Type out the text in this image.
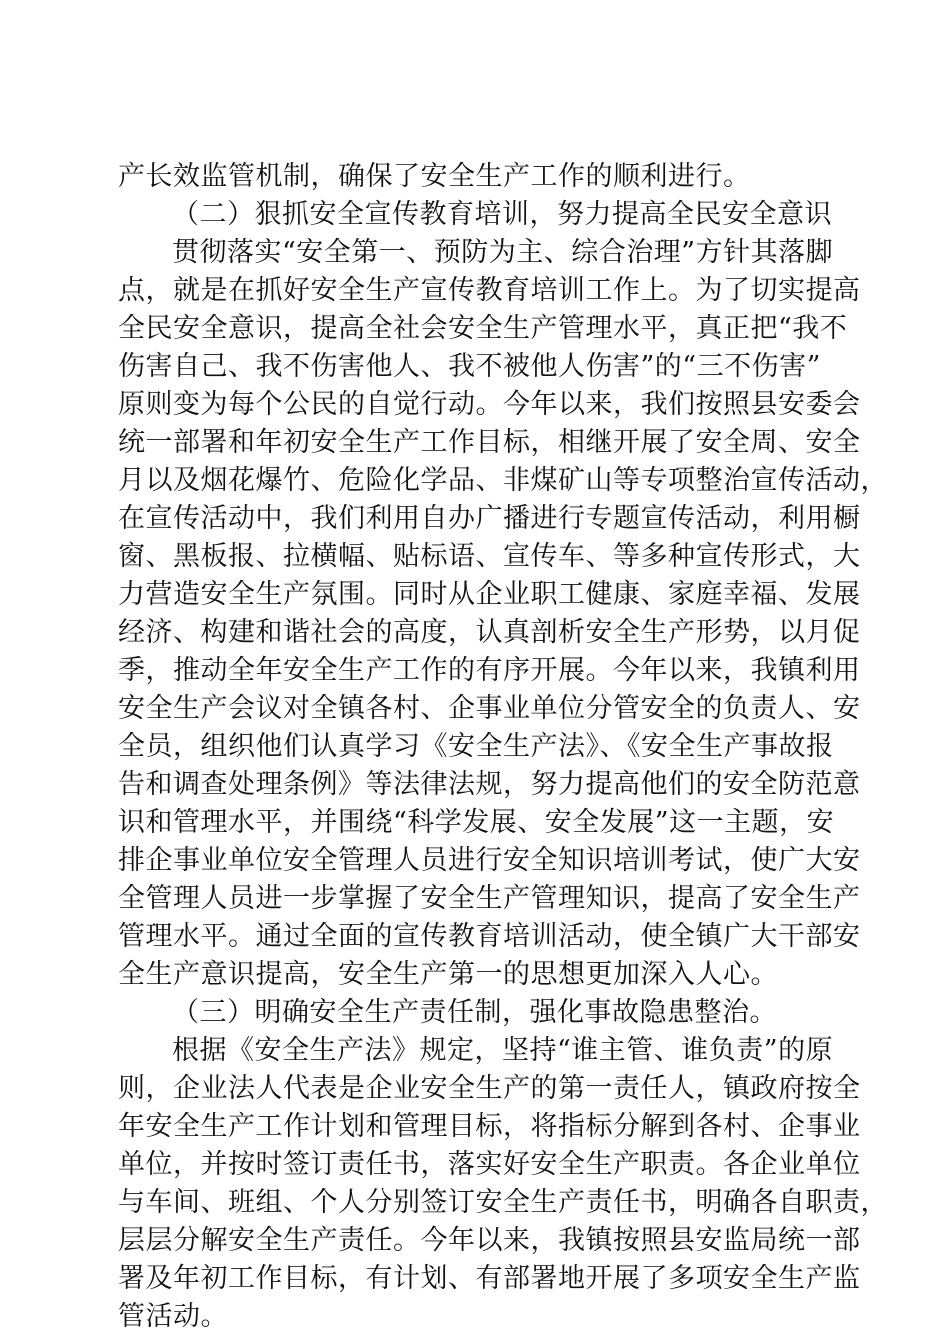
产长效监管机制，确保了安全生产工作的顺利进行。
（二）狠抓安全宣传教育培训，努力提高全民安全意识
贯彻落实“安全第一、预防为主、综合治理”方针其落脚
点，就是在抓好安全生产宣传教育培训工作上。为了切实提高
全民安全意识，提高全社会安全生产管理水平，真正把“我不
伤害自己、我不伤害他人、我不被他人伤害”的“三不伤害”
原则变为每个公民的自觉行动。今年以来，我们按照县安委会
统一部署和年初安全生产工作目标，相继开展了安全周、安全
月以及烟花爆竹、危险化学品、非煤矿山等专项整治宣传活动，
在宣传活动中，我们利用自办广播进行专题宣传活动，利用橱
窗、黑板报、拉横幅、贴标语、宣传车、等多种宣传形式，大
力营造安全生产氛围。同时从企业职工健康、家庭幸福、发展
经济、构建和谐社会的高度，认真剖析安全生产形势，以月促
季，推动全年安全生产工作的有序开展。今年以来，我镇利用
安全生产会议对全镇各村、企事业单位分管安全的负责人、安
全员，组织他们认真学习《安全生产法》、《安全生产事故报
告和调查处理条例》等法律法规，努力提高他们的安全防范意
识和管理水平，并围绕“科学发展、安全发展”这一主题，安
排企事业单位安全管理人员进行安全知识培训考试，使广大安
全管理人员进一步掌握了安全生产管理知识，提高了安全生产
管理水平。通过全面的宣传教育培训活动，使全镇广大干部安
全生产意识提高，安全生产第一的思想更加深入人心。
（三）明确安全生产责任制，强化事故隐患整治。
根据《安全生产法》规定，坚持“谁主管、谁负责”的原
则，企业法人代表是企业安全生产的第一责任人，镇政府按全
年安全生产工作计划和管理目标，将指标分解到各村、企事业
单位，并按时签订责任书，落实好安全生产职责。各企业单位
与车间、班组、个人分别签订安全生产责任书，明确各自职责，
层层分解安全生产责任。今年以来，我镇按照县安监局统一部
署及年初工作目标，有计划、有部署地开展了多项安全生产监
管活动。
